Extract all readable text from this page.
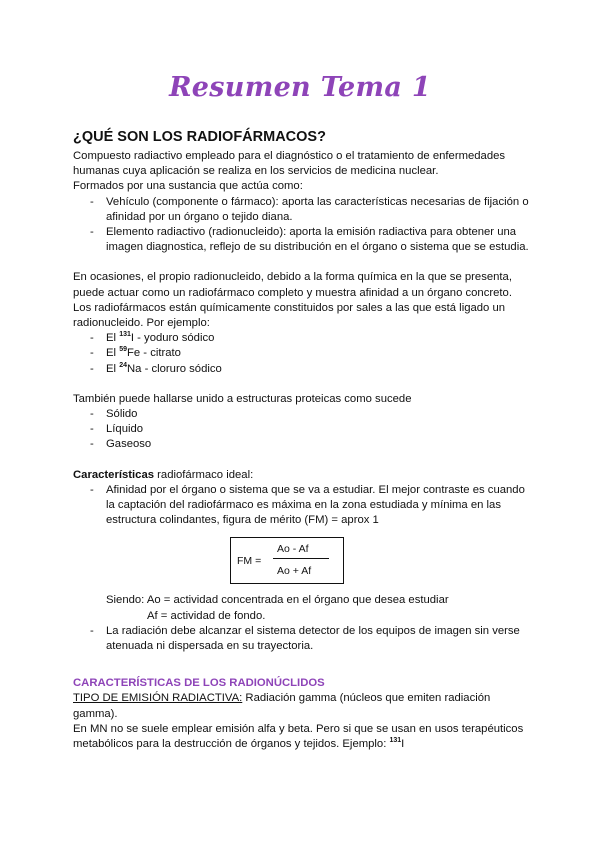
Resumen Tema 1
¿QUÉ SON LOS RADIOFÁRMACOS?

Compuesto radiactivo empleado para el diagnóstico o el tratamiento de enfermedades

humanas cuya aplicación se realiza en los servicios de medicina nuclear.

Formados por una sustancia que actúa como:

- Vehículo (componente o fármaco): aporta las características necesarias de fijación o
afinidad por un órgano o tejido diana.
- Elemento radiactivo (radionucleido): aporta la emisión radiactiva para obtener una
imagen diagnostica, reflejo de su distribución en el órgano o sistema que se estudia.

En ocasiones, el propio radionucleido, debido a la forma química en la que se presenta,

puede actuar como un radiofármaco completo y muestra afinidad a un órgano concreto.

Los radiofármacos están químicamente constituidos por sales a las que está ligado un

radionucleido. Por ejemplo:

- El $^{131}$I - yoduro sódico
- El $^{59}$Fe - citrato
- El $^{24}$Na - cloruro sódico

También puede hallarse unido a estructuras proteicas como sucede

- Sólido
- Líquido
- Gaseoso

Características radiofármaco ideal:

- Afinidad por el órgano o sistema que se va a estudiar. El mejor contraste es cuando
la captación del radiofármaco es máxima en la zona estudiada y mínima en las
estructura colindantes, figura de mérito (FM) = aprox 1
FM =
Ao - Af
Ao + Af

Siendo: Ao = actividad concentrada en el órgano que desea estudiar

Af = actividad de fondo.

- La radiación debe alcanzar el sistema detector de los equipos de imagen sin verse
atenuada ni dispersada en su trayectoria.
CARACTERÍSTICAS DE LOS RADIONÚCLIDOS

TIPO DE EMISIÓN RADIACTIVA: Radiación gamma (núcleos que emiten radiación

gamma).

En MN no se suele emplear emisión alfa y beta. Pero si que se usan en usos terapéuticos

metabólicos para la destrucción de órganos y tejidos. Ejemplo: $^{131}$I
